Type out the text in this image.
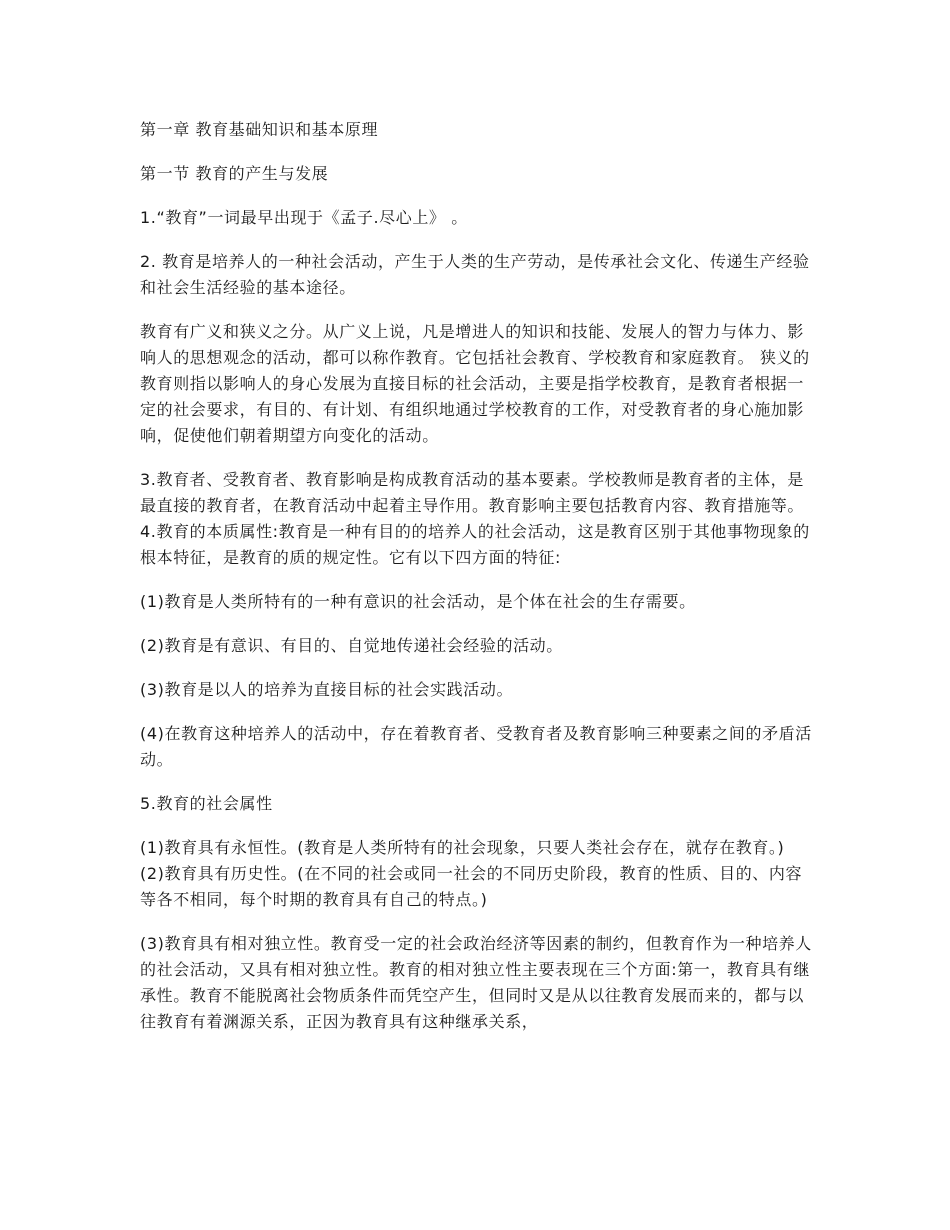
第一章 教育基础知识和基本原理

第一节 教育的产生与发展

1.“教育”一词最早出现于《孟子.尽心上》 。

2. 教育是培养人的一种社会活动，产生于人类的生产劳动，是传承社会文化、传递生产经验和社会生活经验的基本途径。

教育有广义和狭义之分。从广义上说，凡是增进人的知识和技能、发展人的智力与体力、影响人的思想观念的活动，都可以称作教育。它包括社会教育、学校教育和家庭教育。 狭义的教育则指以影响人的身心发展为直接目标的社会活动，主要是指学校教育，是教育者根据一定的社会要求，有目的、有计划、有组织地通过学校教育的工作，对受教育者的身心施加影响，促使他们朝着期望方向变化的活动。

3.教育者、受教育者、教育影响是构成教育活动的基本要素。学校教师是教育者的主体，是最直接的教育者，在教育活动中起着主导作用。教育影响主要包括教育内容、教育措施等。 4.教育的本质属性:教育是一种有目的的培养人的社会活动，这是教育区别于其他事物现象的根本特征，是教育的质的规定性。它有以下四方面的特征:

(1)教育是人类所特有的一种有意识的社会活动，是个体在社会的生存需要。

(2)教育是有意识、有目的、自觉地传递社会经验的活动。

(3)教育是以人的培养为直接目标的社会实践活动。

(4)在教育这种培养人的活动中，存在着教育者、受教育者及教育影响三种要素之间的矛盾活动。

5.教育的社会属性

(1)教育具有永恒性。(教育是人类所特有的社会现象，只要人类社会存在，就存在教育。) (2)教育具有历史性。(在不同的社会或同一社会的不同历史阶段，教育的性质、目的、内容等各不相同，每个时期的教育具有自己的特点。)

(3)教育具有相对独立性。教育受一定的社会政治经济等因素的制约，但教育作为一种培养人的社会活动，又具有相对独立性。教育的相对独立性主要表现在三个方面:第一，教育具有继承性。教育不能脱离社会物质条件而凭空产生，但同时又是从以往教育发展而来的，都与以往教育有着渊源关系，正因为教育具有这种继承关系，
